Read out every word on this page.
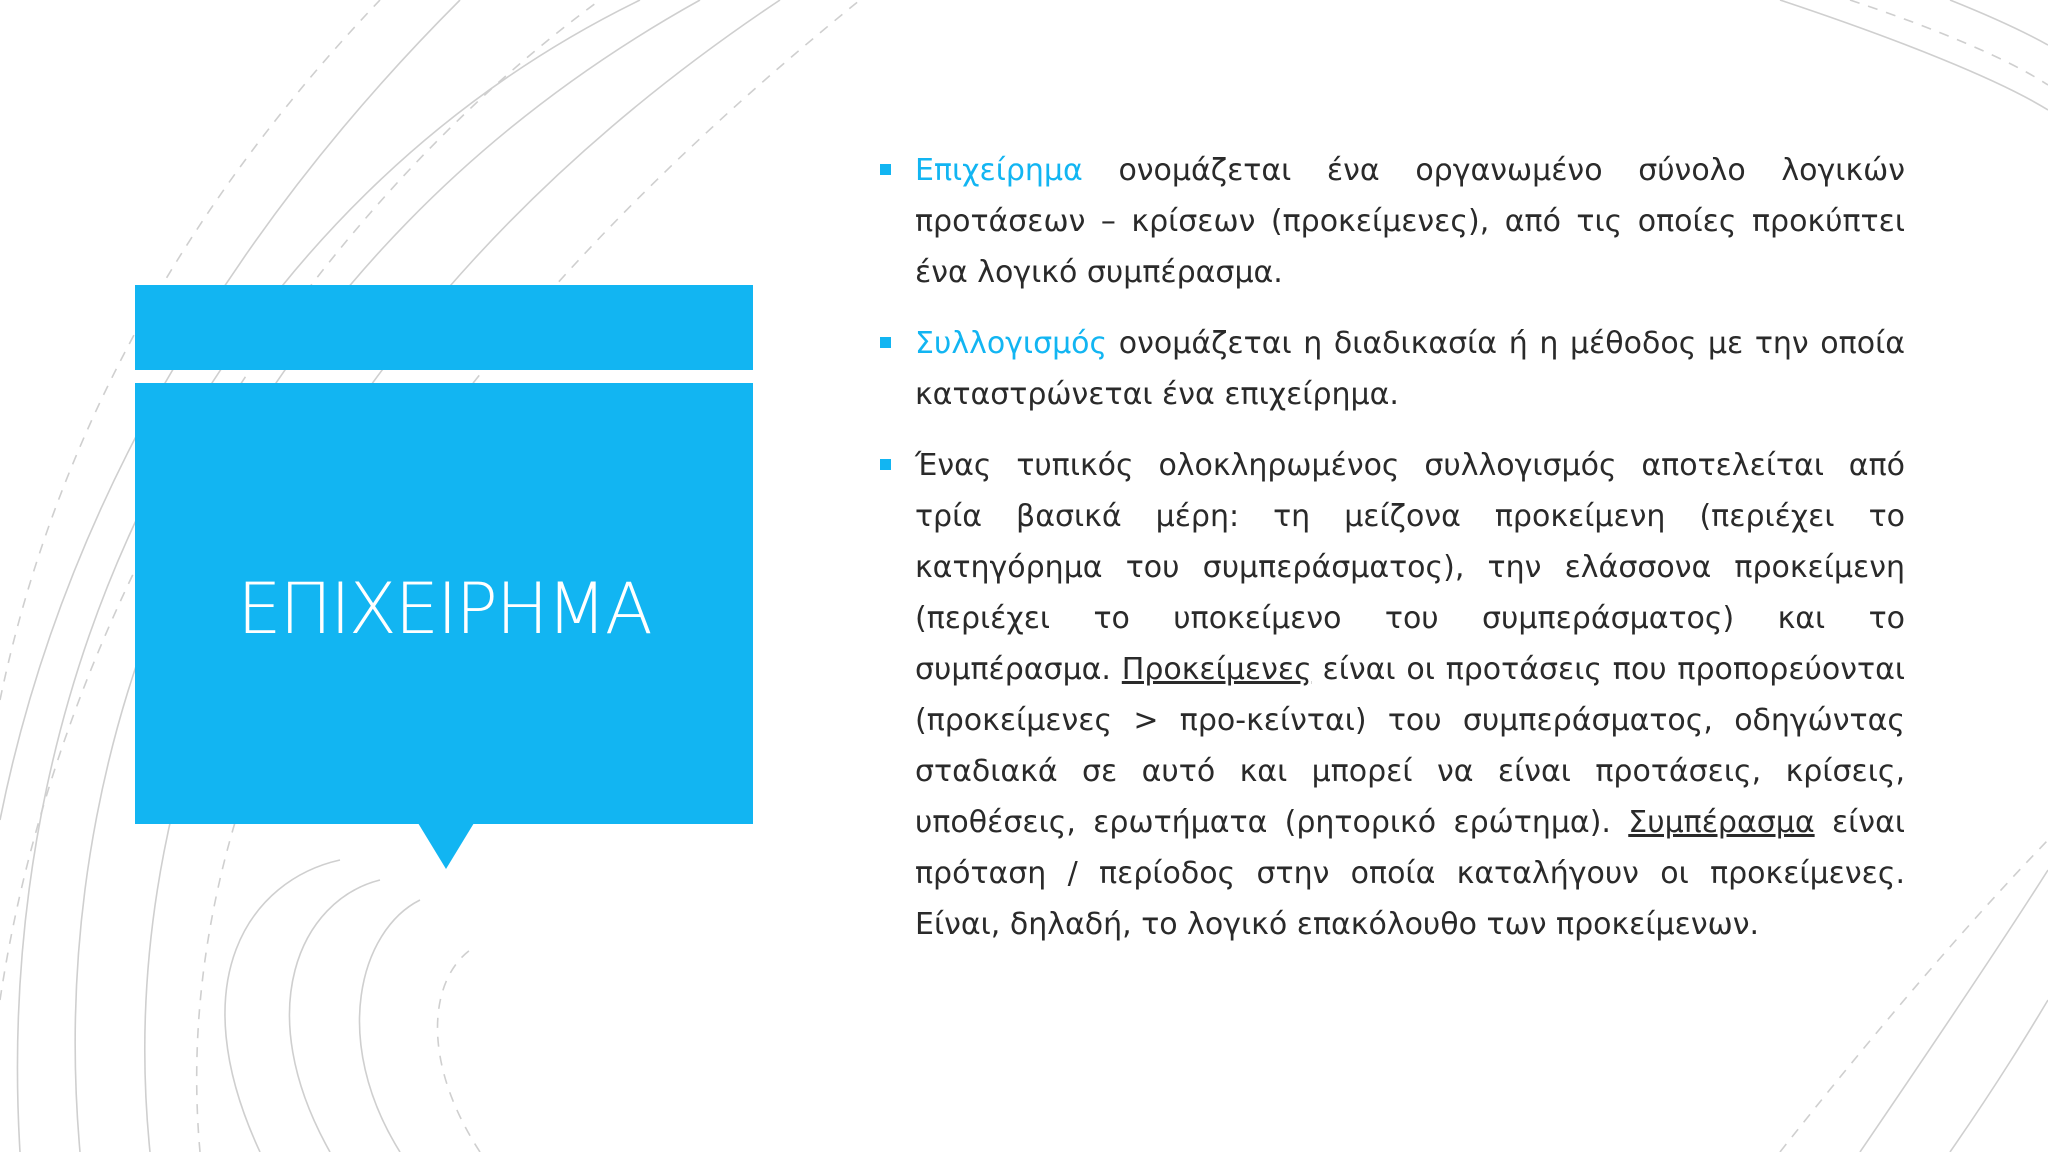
ΕΠΙΧΕΙΡΗΜΑ

Επιχείρημα ονομάζεται ένα οργανωμένο σύνολο λογικών προτάσεων – κρίσεων (προκείμενες), από τις οποίες προκύπτει ένα λογικό συμπέρασμα.

Συλλογισμός ονομάζεται η διαδικασία ή η μέθοδος με την οποία καταστρώνεται ένα επιχείρημα.

Ένας τυπικός ολοκληρωμένος συλλογισμός αποτελείται από τρία βασικά μέρη: τη μείζονα προκείμενη (περιέχει το κατηγόρημα του συμπεράσματος), την ελάσσονα προκείμενη (περιέχει το υποκείμενο του συμπεράσματος) και το συμπέρασμα. Προκείμενες είναι οι προτάσεις που προπορεύονται (προκείμενες > προ-κείνται) του συμπεράσματος, οδηγώντας σταδιακά σε αυτό και μπορεί να είναι προτάσεις, κρίσεις, υποθέσεις, ερωτήματα (ρητορικό ερώτημα). Συμπέρασμα είναι πρόταση / περίοδος στην οποία καταλήγουν οι προκείμενες. Είναι, δηλαδή, το λογικό επακόλουθο των προκείμενων.
